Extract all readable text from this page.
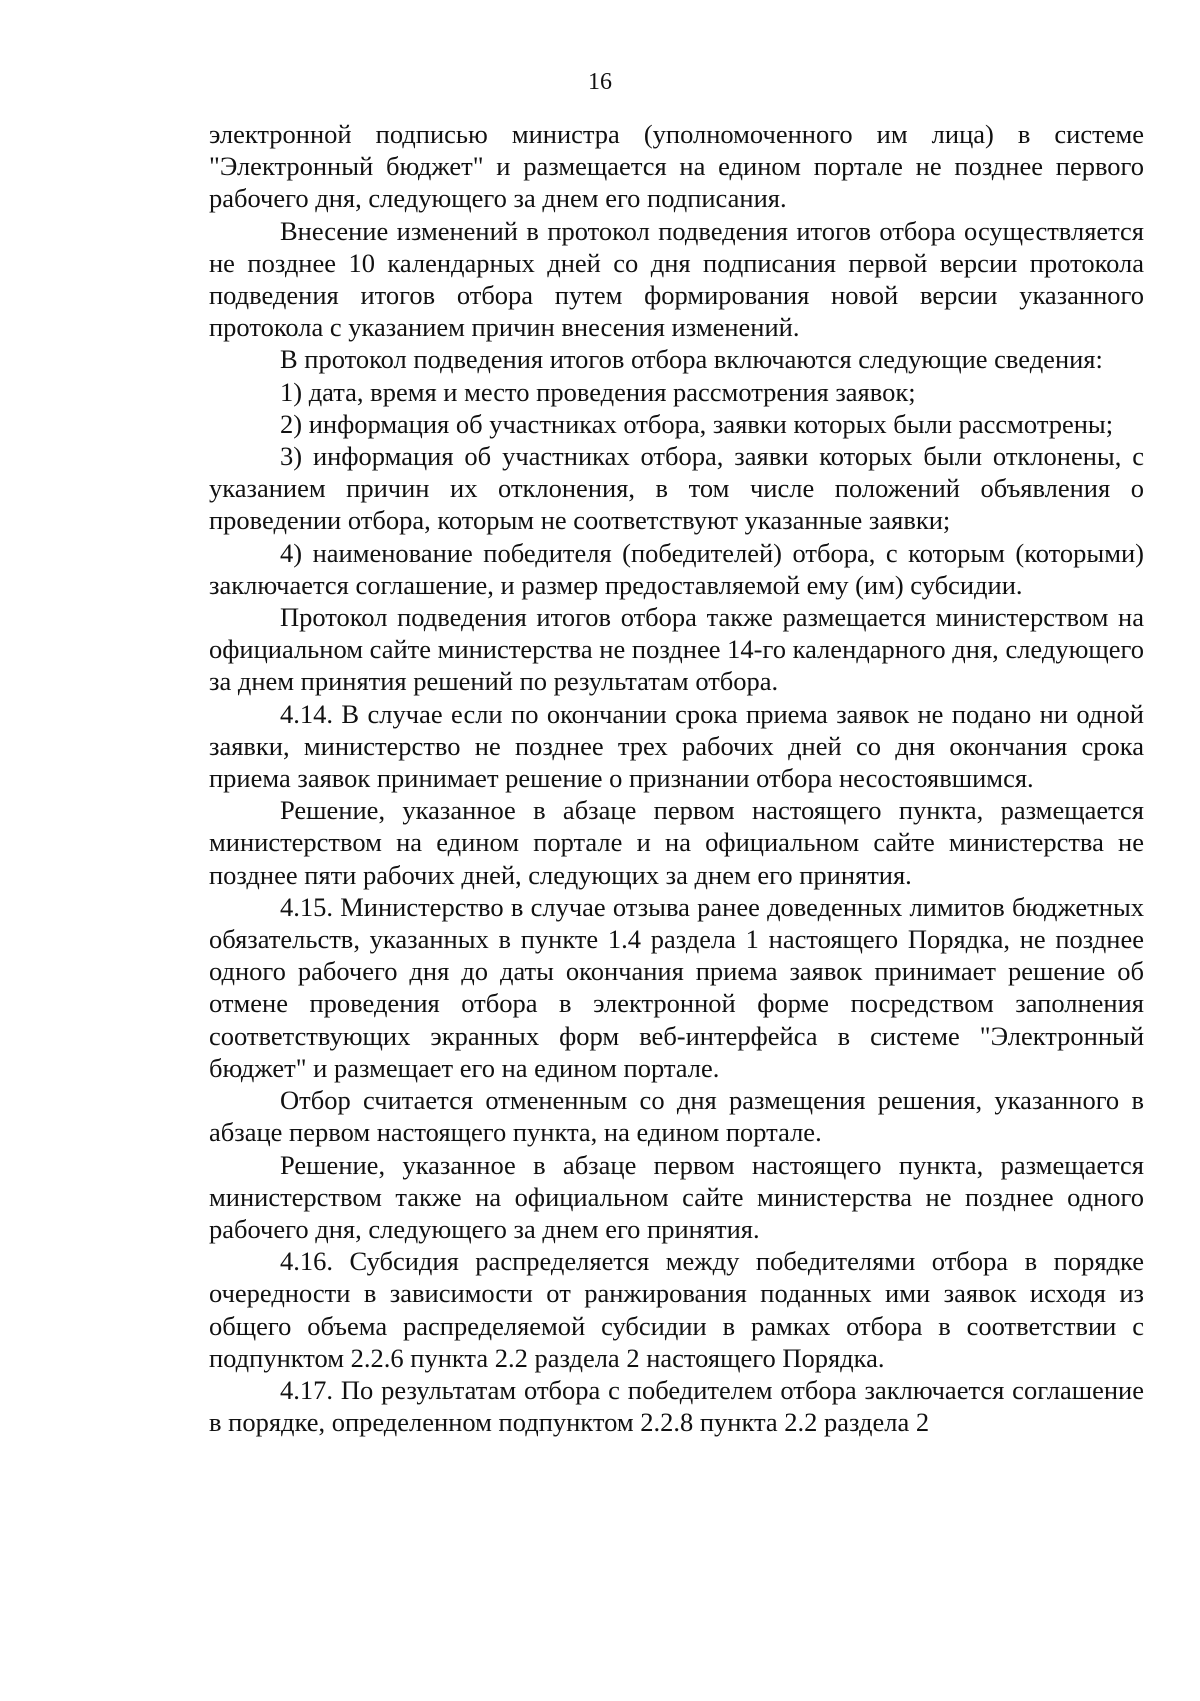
16

электронной подписью министра (уполномоченного им лица) в системе "Электронный бюджет" и размещается на едином портале не позднее первого рабочего дня, следующего за днем его подписания.

Внесение изменений в протокол подведения итогов отбора осуществляется не позднее 10 календарных дней со дня подписания первой версии протокола подведения итогов отбора путем формирования новой версии указанного протокола с указанием причин внесения изменений.

В протокол подведения итогов отбора включаются следующие сведения:

1) дата, время и место проведения рассмотрения заявок;

2) информация об участниках отбора, заявки которых были рассмотрены;

3) информация об участниках отбора, заявки которых были отклонены, с указанием причин их отклонения, в том числе положений объявления о проведении отбора, которым не соответствуют указанные заявки;

4) наименование победителя (победителей) отбора, с которым (которыми) заключается соглашение, и размер предоставляемой ему (им) субсидии.

Протокол подведения итогов отбора также размещается министерством на официальном сайте министерства не позднее 14-го календарного дня, следующего за днем принятия решений по результатам отбора.

4.14. В случае если по окончании срока приема заявок не подано ни одной заявки, министерство не позднее трех рабочих дней со дня окончания срока приема заявок принимает решение о признании отбора несостоявшимся.

Решение, указанное в абзаце первом настоящего пункта, размещается министерством на едином портале и на официальном сайте министерства не позднее пяти рабочих дней, следующих за днем его принятия.

4.15. Министерство в случае отзыва ранее доведенных лимитов бюджетных обязательств, указанных в пункте 1.4 раздела 1 настоящего Порядка, не позднее одного рабочего дня до даты окончания приема заявок принимает решение об отмене проведения отбора в электронной форме посредством заполнения соответствующих экранных форм веб-интерфейса в системе "Электронный бюджет" и размещает его на едином портале.

Отбор считается отмененным со дня размещения решения, указанного в абзаце первом настоящего пункта, на едином портале.

Решение, указанное в абзаце первом настоящего пункта, размещается министерством также на официальном сайте министерства не позднее одного рабочего дня, следующего за днем его принятия.

4.16. Субсидия распределяется между победителями отбора в порядке очередности в зависимости от ранжирования поданных ими заявок исходя из общего объема распределяемой субсидии в рамках отбора в соответствии с подпунктом 2.2.6 пункта 2.2 раздела 2 настоящего Порядка.

4.17. По результатам отбора с победителем отбора заключается соглашение в порядке, определенном подпунктом 2.2.8 пункта 2.2 раздела 2
